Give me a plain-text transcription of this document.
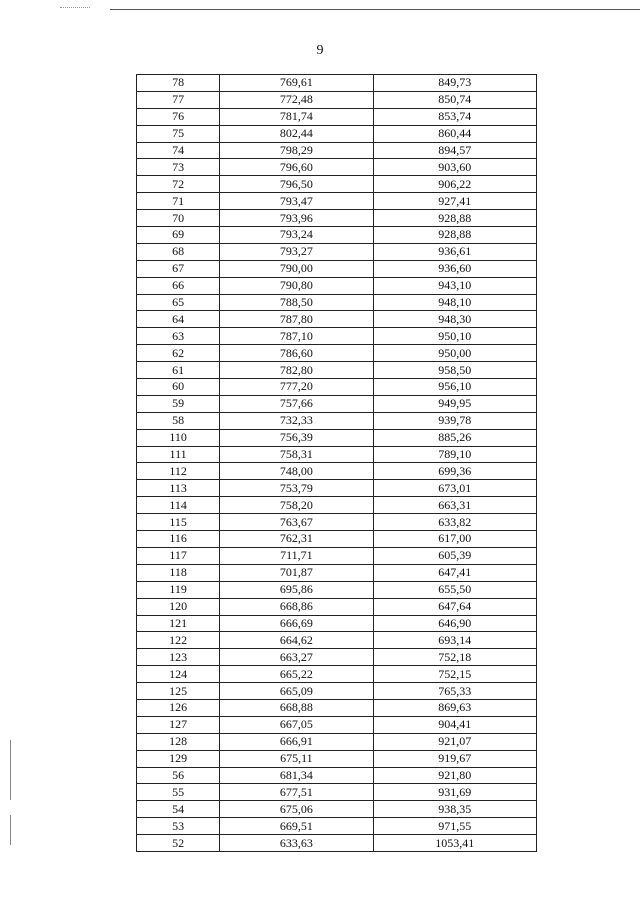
9
78	769,61	849,73
77	772,48	850,74
76	781,74	853,74
75	802,44	860,44
74	798,29	894,57
73	796,60	903,60
72	796,50	906,22
71	793,47	927,41
70	793,96	928,88
69	793,24	928,88
68	793,27	936,61
67	790,00	936,60
66	790,80	943,10
65	788,50	948,10
64	787,80	948,30
63	787,10	950,10
62	786,60	950,00
61	782,80	958,50
60	777,20	956,10
59	757,66	949,95
58	732,33	939,78
110	756,39	885,26
111	758,31	789,10
112	748,00	699,36
113	753,79	673,01
114	758,20	663,31
115	763,67	633,82
116	762,31	617,00
117	711,71	605,39
118	701,87	647,41
119	695,86	655,50
120	668,86	647,64
121	666,69	646,90
122	664,62	693,14
123	663,27	752,18
124	665,22	752,15
125	665,09	765,33
126	668,88	869,63
127	667,05	904,41
128	666,91	921,07
129	675,11	919,67
56	681,34	921,80
55	677,51	931,69
54	675,06	938,35
53	669,51	971,55
52	633,63	1053,41
